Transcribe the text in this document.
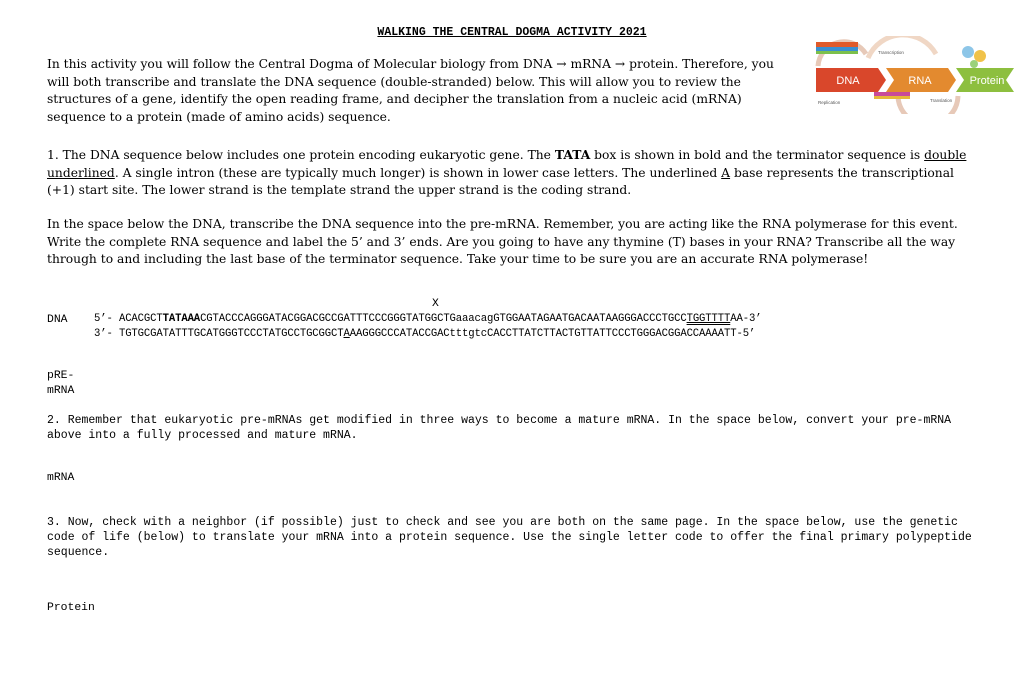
WALKING THE CENTRAL DOGMA ACTIVITY 2021
In this activity you will follow the Central Dogma of Molecular biology from DNA → mRNA → protein. Therefore, you will both transcribe and translate the DNA sequence (double-stranded) below. This will allow you to review the structures of a gene, identify the open reading frame, and decipher the translation from a nucleic acid (mRNA) sequence to a protein (made of amino acids) sequence.
DNA	RNA	Protein
Transcription
Replication	Translation
1. The DNA sequence below includes one protein encoding eukaryotic gene. The TATA box is shown in bold and the terminator sequence is double underlined. A single intron (these are typically much longer) is shown in lower case letters. The underlined A base represents the transcriptional (+1) start site. The lower strand is the template strand the upper strand is the coding strand.
In the space below the DNA, transcribe the DNA sequence into the pre-mRNA. Remember, you are acting like the RNA polymerase for this event. Write the complete RNA sequence and label the 5’ and 3’ ends. Are you going to have any thymine (T) bases in your RNA? Transcribe all the way through to and including the last base of the terminator sequence. Take your time to be sure you are an accurate RNA polymerase!
X
DNA 5’- ACACGCTTATAAACGTACCCAGGGATACGGACGCCGATTTCCCGGGTATGGCTGaaacagGTGGAATAGAATGACAATAAGGGACCCTGCCTGGTTTTAA-3’
3’- TGTGCGATATTTGCATGGGTCCCTATGCCTGCGGCTAAAGGGCCCATACCGACtttgtcCACCTTATCTTACTGTTATTCCCTGGGACGGACCAAAATT-5’
pRE-
mRNA
2. Remember that eukaryotic pre-mRNAs get modified in three ways to become a mature mRNA. In the space below, convert your pre-mRNA above into a fully processed and mature mRNA.
mRNA
3. Now, check with a neighbor (if possible) just to check and see you are both on the same page. In the space below, use the genetic code of life (below) to translate your mRNA into a protein sequence. Use the single letter code to offer the final primary polypeptide sequence.
Protein
